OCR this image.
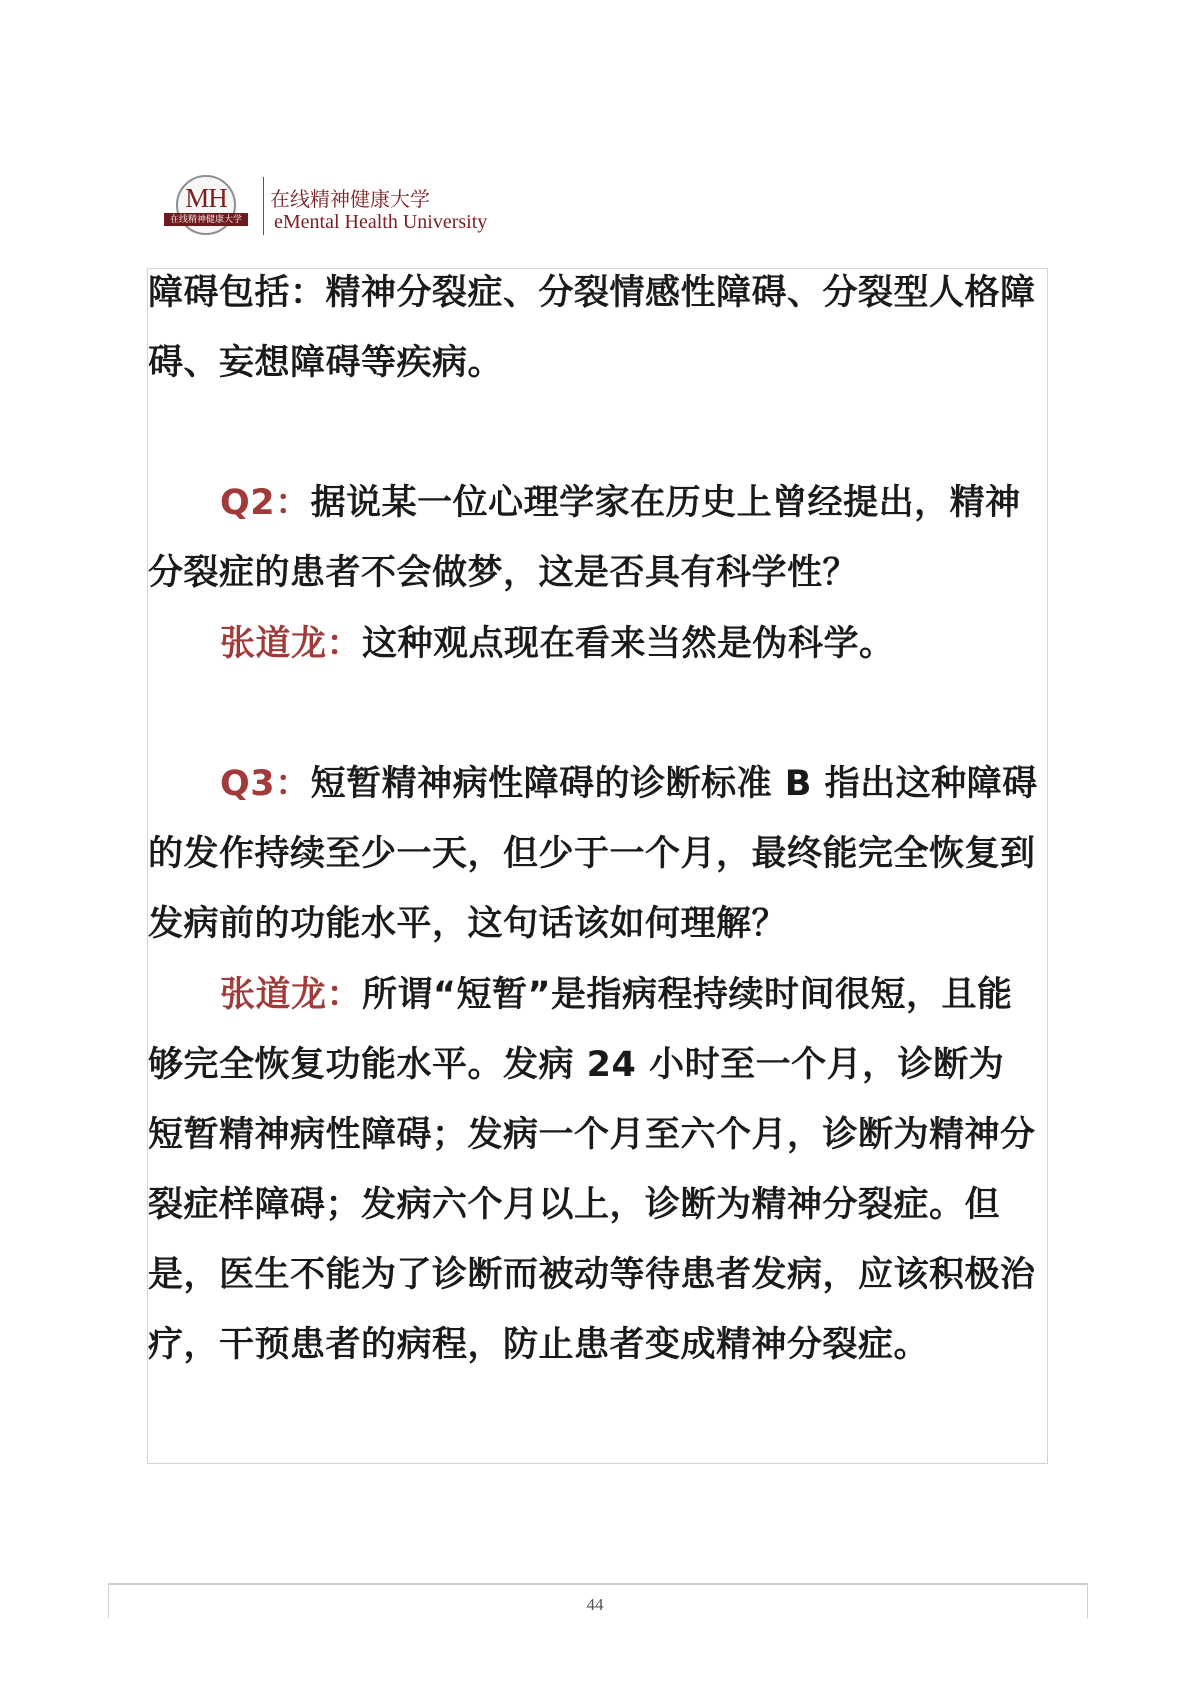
MH
在线精神健康大学
在线精神健康大学
eMental Health University

障碍包括：精神分裂症、分裂情感性障碍、分裂型人格障碍、妄想障碍等疾病。

Q2：据说某一位心理学家在历史上曾经提出，精神分裂症的患者不会做梦，这是否具有科学性？

张道龙：这种观点现在看来当然是伪科学。

Q3：短暂精神病性障碍的诊断标准 B 指出这种障碍的发作持续至少一天，但少于一个月，最终能完全恢复到发病前的功能水平，这句话该如何理解？

张道龙：所谓“短暂”是指病程持续时间很短，且能够完全恢复功能水平。发病 24 小时至一个月，诊断为短暂精神病性障碍；发病一个月至六个月，诊断为精神分裂症样障碍；发病六个月以上，诊断为精神分裂症。但是，医生不能为了诊断而被动等待患者发病，应该积极治疗，干预患者的病程，防止患者变成精神分裂症。

44
